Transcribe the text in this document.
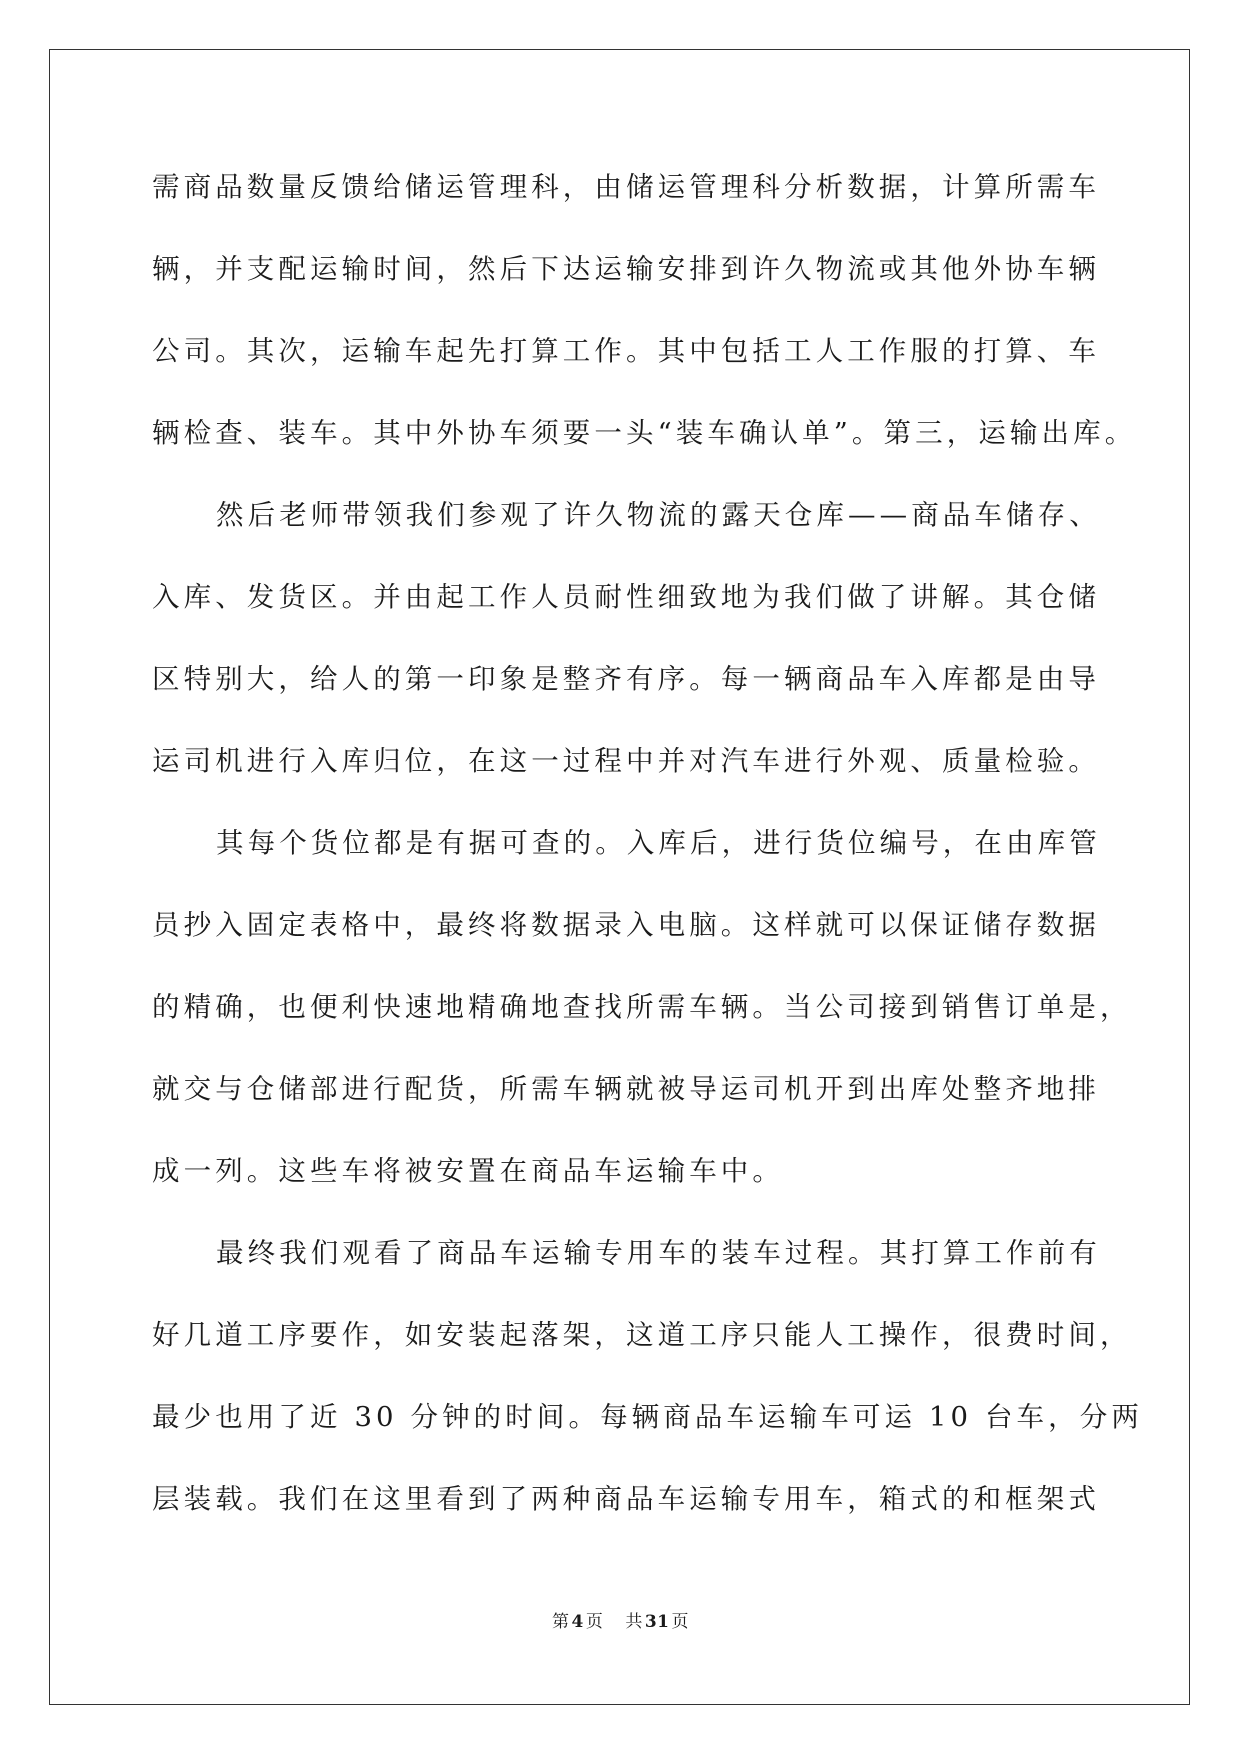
需商品数量反馈给储运管理科，由储运管理科分析数据，计算所需车
辆，并支配运输时间，然后下达运输安排到许久物流或其他外协车辆
公司。其次，运输车起先打算工作。其中包括工人工作服的打算、车
辆检查、装车。其中外协车须要一头“装车确认单”。第三，运输出库。
然后老师带领我们参观了许久物流的露天仓库——商品车储存、
入库、发货区。并由起工作人员耐性细致地为我们做了讲解。其仓储
区特别大，给人的第一印象是整齐有序。每一辆商品车入库都是由导
运司机进行入库归位，在这一过程中并对汽车进行外观、质量检验。
其每个货位都是有据可查的。入库后，进行货位编号，在由库管
员抄入固定表格中，最终将数据录入电脑。这样就可以保证储存数据
的精确，也便利快速地精确地查找所需车辆。当公司接到销售订单是，
就交与仓储部进行配货，所需车辆就被导运司机开到出库处整齐地排
成一列。这些车将被安置在商品车运输车中。
最终我们观看了商品车运输专用车的装车过程。其打算工作前有
好几道工序要作，如安装起落架，这道工序只能人工操作，很费时间，
最少也用了近 30 分钟的时间。每辆商品车运输车可运 10 台车，分两
层装载。我们在这里看到了两种商品车运输专用车，箱式的和框架式
第 4 页 共 31 页
